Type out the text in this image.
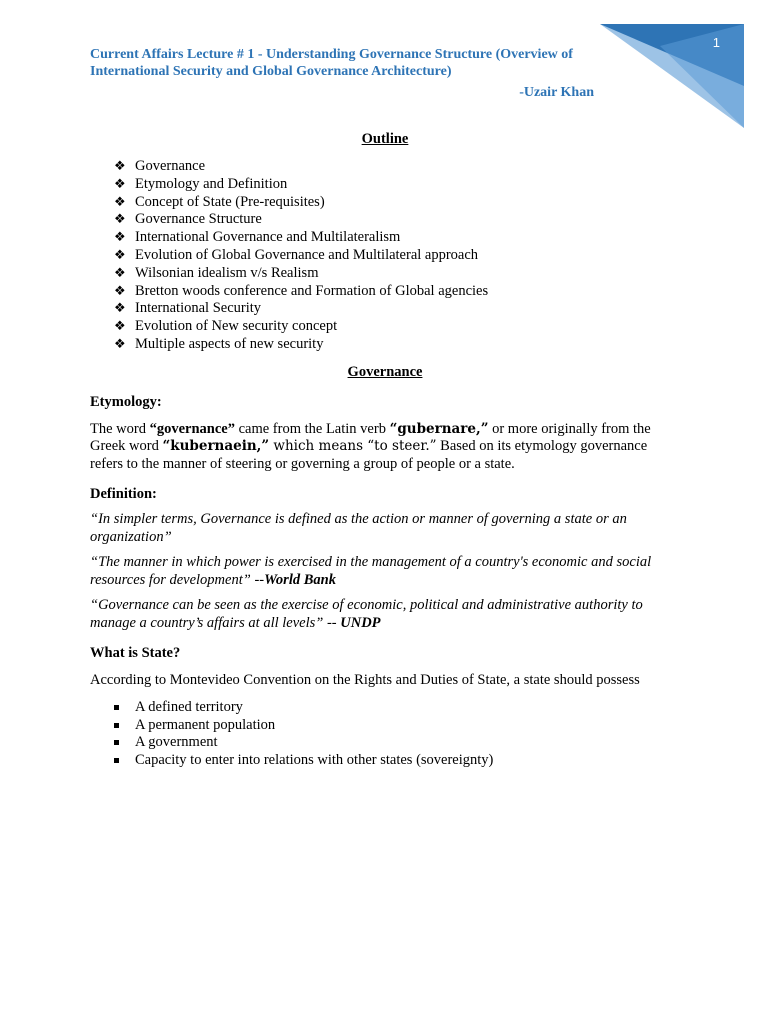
1
Current Affairs Lecture # 1 - Understanding Governance Structure (Overview of International Security and Global Governance Architecture)
-Uzair Khan
Outline
❖ Governance
❖ Etymology and Definition
❖ Concept of State (Pre-requisites)
❖ Governance Structure
❖ International Governance and Multilateralism
❖ Evolution of Global Governance and Multilateral approach
❖ Wilsonian idealism v/s Realism
❖ Bretton woods conference and Formation of Global agencies
❖ International Security
❖ Evolution of New security concept
❖ Multiple aspects of new security
Governance
Etymology:

The word “governance” came from the Latin verb “gubernare,” or more originally from the Greek word “kubernaein,” which means “to steer.” Based on its etymology governance refers to the manner of steering or governing a group of people or a state.

Definition:

“In simpler terms, Governance is defined as the action or manner of governing a state or an organization”

“The manner in which power is exercised in the management of a country's economic and social resources for development” --World Bank

“Governance can be seen as the exercise of economic, political and administrative authority to manage a country’s affairs at all levels” -- UNDP

What is State?

According to Montevideo Convention on the Rights and Duties of State, a state should possess

A defined territory
A permanent population
A government
Capacity to enter into relations with other states (sovereignty)
